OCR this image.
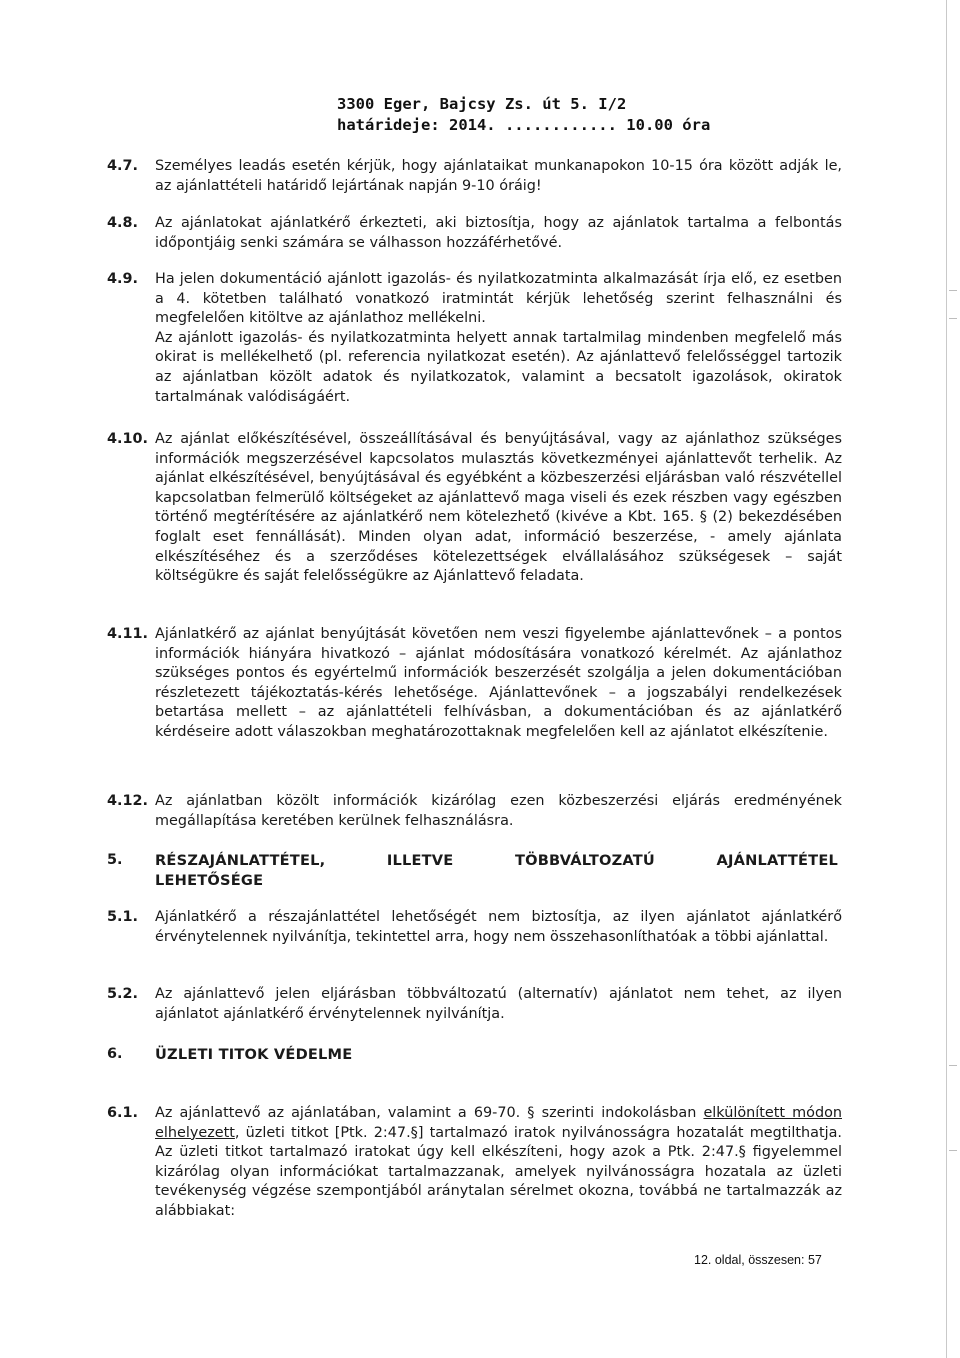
3300 Eger, Bajcsy Zs. út 5. I/2
határideje: 2014. ............ 10.00 óra
4.7. Személyes leadás esetén kérjük, hogy ajánlataikat munkanapokon 10-15 óra között adják le, az ajánlattételi határidő lejártának napján 9-10 óráig!
4.8. Az ajánlatokat ajánlatkérő érkezteti, aki biztosítja, hogy az ajánlatok tartalma a felbontás időpontjáig senki számára se válhasson hozzáférhetővé.
4.9. Ha jelen dokumentáció ajánlott igazolás- és nyilatkozatminta alkalmazását írja elő, ez esetben a 4. kötetben található vonatkozó iratmintát kérjük lehetőség szerint felhasználni és megfelelően kitöltve az ajánlathoz mellékelni.

Az ajánlott igazolás- és nyilatkozatminta helyett annak tartalmilag mindenben megfelelő más okirat is mellékelhető (pl. referencia nyilatkozat esetén). Az ajánlattevő felelősséggel tartozik az ajánlatban közölt adatok és nyilatkozatok, valamint a becsatolt igazolások, okiratok tartalmának valódiságáért.

4.10. Az ajánlat előkészítésével, összeállításával és benyújtásával, vagy az ajánlathoz szükséges információk megszerzésével kapcsolatos mulasztás következményei ajánlattevőt terhelik. Az ajánlat elkészítésével, benyújtásával és egyébként a közbeszerzési eljárásban való részvétellel kapcsolatban felmerülő költségeket az ajánlattevő maga viseli és ezek részben vagy egészben történő megtérítésére az ajánlatkérő nem kötelezhető (kivéve a Kbt. 165. § (2) bekezdésében foglalt eset fennállását). Minden olyan adat, információ beszerzése, - amely ajánlata elkészítéséhez és a szerződéses kötelezettségek elvállalásához szükségesek – saját költségükre és saját felelősségükre az Ajánlattevő feladata.
4.11. Ajánlatkérő az ajánlat benyújtását követően nem veszi figyelembe ajánlattevőnek – a pontos információk hiányára hivatkozó – ajánlat módosítására vonatkozó kérelmét. Az ajánlathoz szükséges pontos és egyértelmű információk beszerzését szolgálja a jelen dokumentációban részletezett tájékoztatás-kérés lehetősége. Ajánlattevőnek – a jogszabályi rendelkezések betartása mellett – az ajánlattételi felhívásban, a dokumentációban és az ajánlatkérő kérdéseire adott válaszokban meghatározottaknak megfelelően kell az ajánlatot elkészítenie.
4.12. Az ajánlatban közölt információk kizárólag ezen közbeszerzési eljárás eredményének megállapítása keretében kerülnek felhasználásra.
5. RÉSZAJÁNLATTÉTEL,	ILLETVE	TÖBBVÁLTOZATÚ	AJÁNLATTÉTEL
LEHETŐSÉGE
5.1. Ajánlatkérő a részajánlattétel lehetőségét nem biztosítja, az ilyen ajánlatot ajánlatkérő érvénytelennek nyilvánítja, tekintettel arra, hogy nem összehasonlíthatóak a többi ajánlattal.
5.2. Az ajánlattevő jelen eljárásban többváltozatú (alternatív) ajánlatot nem tehet, az ilyen ajánlatot ajánlatkérő érvénytelennek nyilvánítja.
6. ÜZLETI TITOK VÉDELME
6.1. Az ajánlattevő az ajánlatában, valamint a 69-70. § szerinti indokolásban elkülönített módon elhelyezett, üzleti titkot [Ptk. 2:47.§] tartalmazó iratok nyilvánosságra hozatalát megtilthatja. Az üzleti titkot tartalmazó iratokat úgy kell elkészíteni, hogy azok a Ptk. 2:47.§ figyelemmel kizárólag olyan információkat tartalmazzanak, amelyek nyilvánosságra hozatala az üzleti tevékenység végzése szempontjából aránytalan sérelmet okozna, továbbá ne tartalmazzák az alábbiakat:
12. oldal, összesen: 57
